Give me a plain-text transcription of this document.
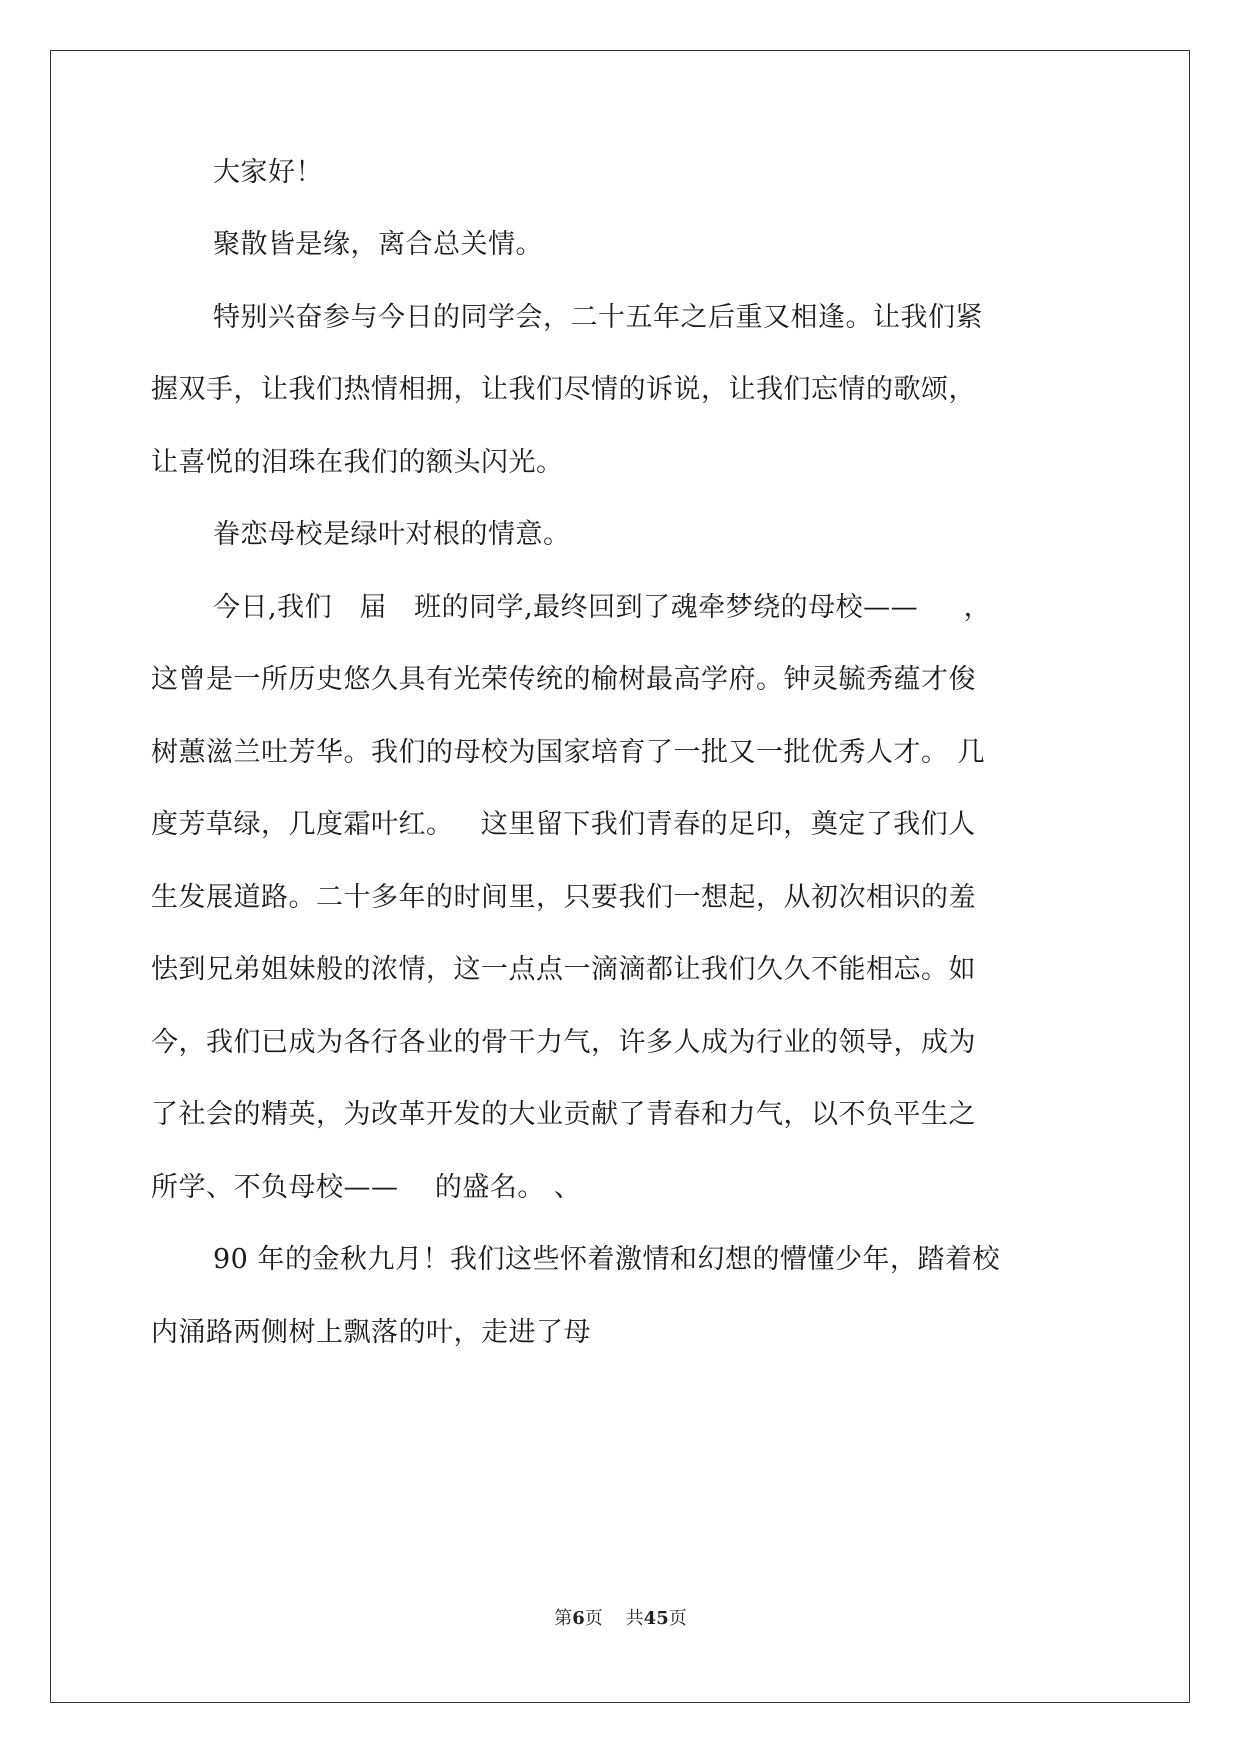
大家好！
聚散皆是缘，离合总关情。
特别兴奋参与今日的同学会，二十五年之后重又相逢。让我们紧
握双手，让我们热情相拥，让我们尽情的诉说，让我们忘情的歌颂，
让喜悦的泪珠在我们的额头闪光。
眷恋母校是绿叶对根的情意。
今日,我们   届   班的同学,最终回到了魂牵梦绕的母校——     ，
这曾是一所历史悠久具有光荣传统的榆树最高学府。钟灵毓秀蕴才俊
树蕙滋兰吐芳华。我们的母校为国家培育了一批又一批优秀人才。 几
度芳草绿，几度霜叶红。   这里留下我们青春的足印，奠定了我们人
生发展道路。二十多年的时间里，只要我们一想起，从初次相识的羞
怯到兄弟姐妹般的浓情，这一点点一滴滴都让我们久久不能相忘。如
今，我们已成为各行各业的骨干力气，许多人成为行业的领导，成为
了社会的精英，为改革开发的大业贡献了青春和力气，以不负平生之
所学、不负母校——    的盛名。 、
90 年的金秋九月！我们这些怀着激情和幻想的懵懂少年，踏着校
内涌路两侧树上飘落的叶，走进了母
第6页 共45页
